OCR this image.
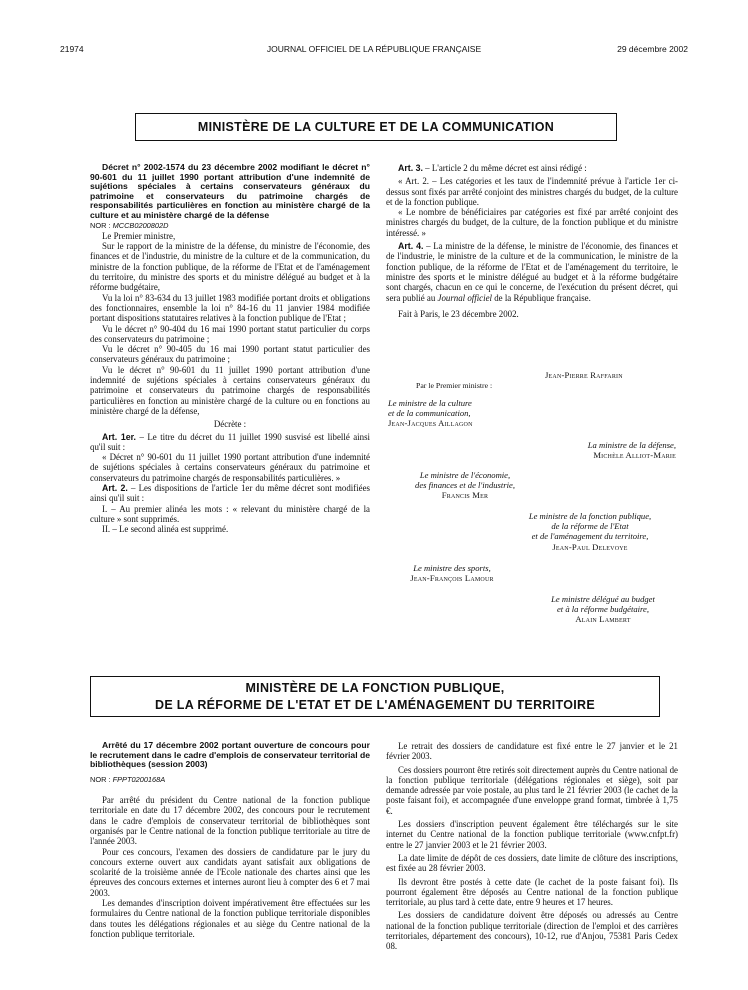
21974	JOURNAL OFFICIEL DE LA RÉPUBLIQUE FRANÇAISE	29 décembre 2002
MINISTÈRE DE LA CULTURE ET DE LA COMMUNICATION

Décret n° 2002-1574 du 23 décembre 2002 modifiant le décret n° 90-601 du 11 juillet 1990 portant attribution d'une indemnité de sujétions spéciales à certains conservateurs généraux du patrimoine et conservateurs du patrimoine chargés de responsabilités particulières en fonction au ministère chargé de la culture et au ministère chargé de la défense

NOR : MCCB0200802D

Le Premier ministre,

Sur le rapport de la ministre de la défense, du ministre de l'économie, des finances et de l'industrie, du ministre de la culture et de la communication, du ministre de la fonction publique, de la réforme de l'Etat et de l'aménagement du territoire, du ministre des sports et du ministre délégué au budget et à la réforme budgétaire,

Vu la loi n° 83-634 du 13 juillet 1983 modifiée portant droits et obligations des fonctionnaires, ensemble la loi n° 84-16 du 11 janvier 1984 modifiée portant dispositions statutaires relatives à la fonction publique de l'Etat ;

Vu le décret n° 90-404 du 16 mai 1990 portant statut particulier du corps des conservateurs du patrimoine ;

Vu le décret n° 90-405 du 16 mai 1990 portant statut particulier des conservateurs généraux du patrimoine ;

Vu le décret n° 90-601 du 11 juillet 1990 portant attribution d'une indemnité de sujétions spéciales à certains conservateurs généraux du patrimoine et conservateurs du patrimoine chargés de responsabilités particulières en fonction au ministère chargé de la culture ou en fonctions au ministère chargé de la défense,

Décrète :

Art. 1er. – Le titre du décret du 11 juillet 1990 susvisé est libellé ainsi qu'il suit :

« Décret n° 90-601 du 11 juillet 1990 portant attribution d'une indemnité de sujétions spéciales à certains conservateurs généraux du patrimoine et conservateurs du patrimoine chargés de responsabilités particulières. »

Art. 2. – Les dispositions de l'article 1er du même décret sont modifiées ainsi qu'il suit :

I. – Au premier alinéa les mots : « relevant du ministère chargé de la culture » sont supprimés.

II. – Le second alinéa est supprimé.

Art. 3. – L'article 2 du même décret est ainsi rédigé :

« Art. 2. – Les catégories et les taux de l'indemnité prévue à l'article 1er ci-dessus sont fixés par arrêté conjoint des ministres chargés du budget, de la culture et de la fonction publique.

« Le nombre de bénéficiaires par catégories est fixé par arrêté conjoint des ministres chargés du budget, de la culture, de la fonction publique et du ministre intéressé. »

Art. 4. – La ministre de la défense, le ministre de l'économie, des finances et de l'industrie, le ministre de la culture et de la communication, le ministre de la fonction publique, de la réforme de l'Etat et de l'aménagement du territoire, le ministre des sports et le ministre délégué au budget et à la réforme budgétaire sont chargés, chacun en ce qui le concerne, de l'exécution du présent décret, qui sera publié au Journal officiel de la République française.

Fait à Paris, le 23 décembre 2002.

Jean-Pierre Raffarin
Par le Premier ministre :
Le ministre de la culture
et de la communication,
Jean-Jacques Aillagon
La ministre de la défense,
Michèle Alliot-Marie
Le ministre de l'économie,
des finances et de l'industrie,
Francis Mer
Le ministre de la fonction publique,
de la réforme de l'Etat
et de l'aménagement du territoire,
Jean-Paul Delevoye
Le ministre des sports,
Jean-François Lamour
Le ministre délégué au budget
et à la réforme budgétaire,
Alain Lambert
MINISTÈRE DE LA FONCTION PUBLIQUE,
DE LA RÉFORME DE L'ETAT ET DE L'AMÉNAGEMENT DU TERRITOIRE

Arrêté du 17 décembre 2002 portant ouverture de concours pour le recrutement dans le cadre d'emplois de conservateur territorial de bibliothèques (session 2003)

NOR : FPPT0200168A

Par arrêté du président du Centre national de la fonction publique territoriale en date du 17 décembre 2002, des concours pour le recrutement dans le cadre d'emplois de conservateur territorial de bibliothèques sont organisés par le Centre national de la fonction publique territoriale au titre de l'année 2003.

Pour ces concours, l'examen des dossiers de candidature par le jury du concours externe ouvert aux candidats ayant satisfait aux obligations de scolarité de la troisième année de l'Ecole nationale des chartes ainsi que les épreuves des concours externes et internes auront lieu à compter des 6 et 7 mai 2003.

Les demandes d'inscription doivent impérativement être effectuées sur les formulaires du Centre national de la fonction publique territoriale disponibles dans toutes les délégations régionales et au siège du Centre national de la fonction publique territoriale.

Le retrait des dossiers de candidature est fixé entre le 27 janvier et le 21 février 2003.

Ces dossiers pourront être retirés soit directement auprès du Centre national de la fonction publique territoriale (délégations régionales et siège), soit par demande adressée par voie postale, au plus tard le 21 février 2003 (le cachet de la poste faisant foi), et accompagnée d'une enveloppe grand format, timbrée à 1,75 €.

Les dossiers d'inscription peuvent également être téléchargés sur le site internet du Centre national de la fonction publique territoriale (www.cnfpt.fr) entre le 27 janvier 2003 et le 21 février 2003.

La date limite de dépôt de ces dossiers, date limite de clôture des inscriptions, est fixée au 28 février 2003.

Ils devront être postés à cette date (le cachet de la poste faisant foi). Ils pourront également être déposés au Centre national de la fonction publique territoriale, au plus tard à cette date, entre 9 heures et 17 heures.

Les dossiers de candidature doivent être déposés ou adressés au Centre national de la fonction publique territoriale (direction de l'emploi et des carrières territoriales, département des concours), 10-12, rue d'Anjou, 75381 Paris Cedex 08.
